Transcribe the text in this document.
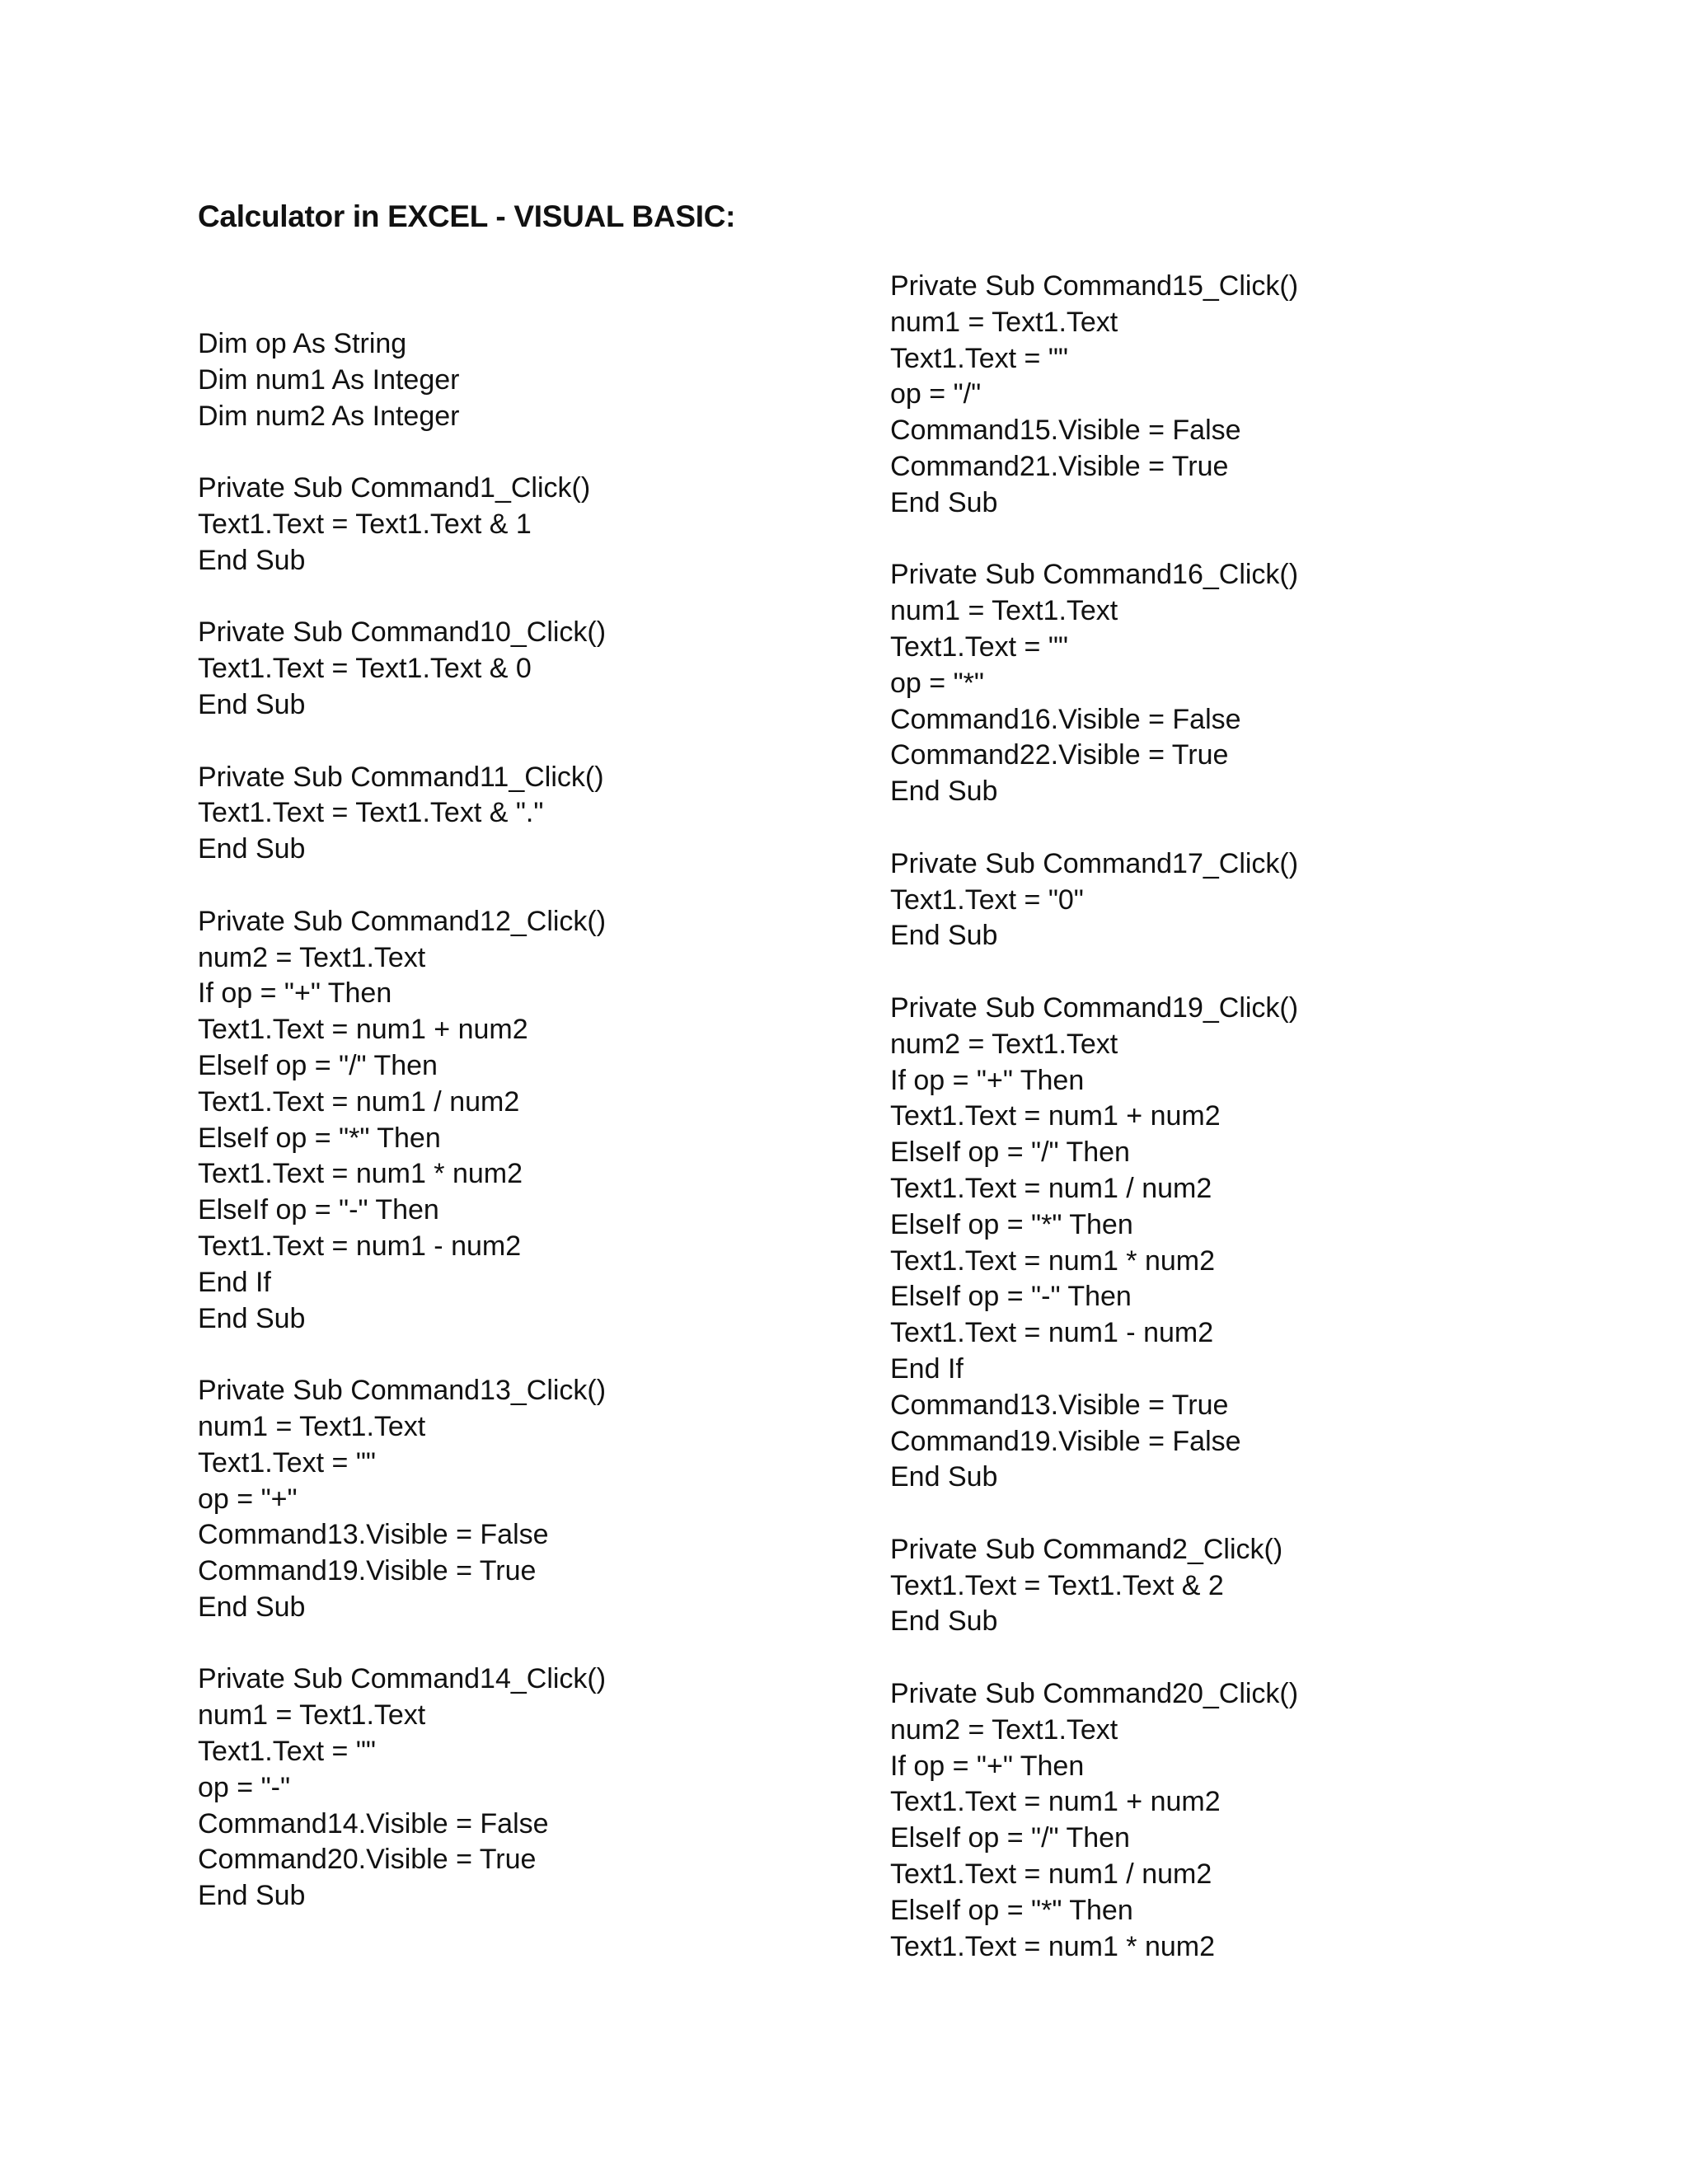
Calculator in EXCEL - VISUAL BASIC:
Dim op As String
Dim num1 As Integer
Dim num2 As Integer
Private Sub Command1_Click()
Text1.Text = Text1.Text & 1
End Sub
Private Sub Command10_Click()
Text1.Text = Text1.Text & 0
End Sub
Private Sub Command11_Click()
Text1.Text = Text1.Text & "."
End Sub
Private Sub Command12_Click()
num2 = Text1.Text
If op = "+" Then
Text1.Text = num1 + num2
ElseIf op = "/" Then
Text1.Text = num1 / num2
ElseIf op = "*" Then
Text1.Text = num1 * num2
ElseIf op = "-" Then
Text1.Text = num1 - num2
End If
End Sub
Private Sub Command13_Click()
num1 = Text1.Text
Text1.Text = ""
op = "+"
Command13.Visible = False
Command19.Visible = True
End Sub
Private Sub Command14_Click()
num1 = Text1.Text
Text1.Text = ""
op = "-"
Command14.Visible = False
Command20.Visible = True
End Sub
Private Sub Command15_Click()
num1 = Text1.Text
Text1.Text = ""
op = "/"
Command15.Visible = False
Command21.Visible = True
End Sub
Private Sub Command16_Click()
num1 = Text1.Text
Text1.Text = ""
op = "*"
Command16.Visible = False
Command22.Visible = True
End Sub
Private Sub Command17_Click()
Text1.Text = "0"
End Sub
Private Sub Command19_Click()
num2 = Text1.Text
If op = "+" Then
Text1.Text = num1 + num2
ElseIf op = "/" Then
Text1.Text = num1 / num2
ElseIf op = "*" Then
Text1.Text = num1 * num2
ElseIf op = "-" Then
Text1.Text = num1 - num2
End If
Command13.Visible = True
Command19.Visible = False
End Sub
Private Sub Command2_Click()
Text1.Text = Text1.Text & 2
End Sub
Private Sub Command20_Click()
num2 = Text1.Text
If op = "+" Then
Text1.Text = num1 + num2
ElseIf op = "/" Then
Text1.Text = num1 / num2
ElseIf op = "*" Then
Text1.Text = num1 * num2
